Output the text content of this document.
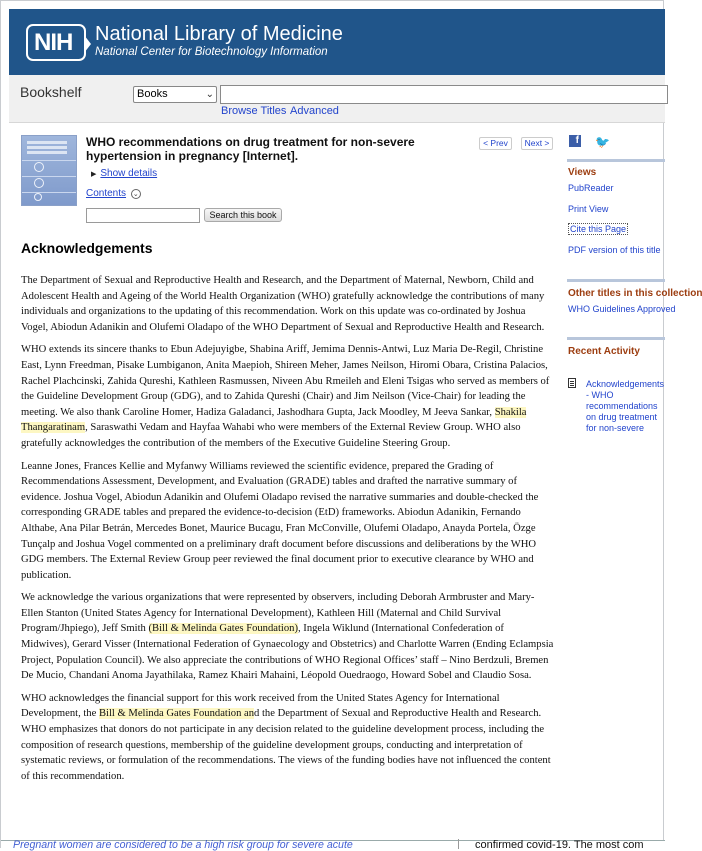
NIH	National Library of Medicine
National Center for Biotechnology Information
Bookshelf	Books	⌄
Browse Titles Advanced
WHO recommendations on drug treatment for non-severe hypertension in pregnancy [Internet].
< Prev	Next >
▶ Show details
Contents ⌄
Search this book
Acknowledgements

The Department of Sexual and Reproductive Health and Research, and the Department of Maternal, Newborn, Child and Adolescent Health and Ageing of the World Health Organization (WHO) gratefully acknowledge the contributions of many individuals and organizations to the updating of this recommendation. Work on this update was co-ordinated by Joshua Vogel, Abiodun Adanikin and Olufemi Oladapo of the WHO Department of Sexual and Reproductive Health and Research.

WHO extends its sincere thanks to Ebun Adejuyigbe, Shabina Ariff, Jemima Dennis-Antwi, Luz Maria De-Regil, Christine East, Lynn Freedman, Pisake Lumbiganon, Anita Maepioh, Shireen Meher, James Neilson, Hiromi Obara, Cristina Palacios, Rachel Plachcinski, Zahida Qureshi, Kathleen Rasmussen, Niveen Abu Rmeileh and Eleni Tsigas who served as members of the Guideline Development Group (GDG), and to Zahida Qureshi (Chair) and Jim Neilson (Vice-Chair) for leading the meeting. We also thank Caroline Homer, Hadiza Galadanci, Jashodhara Gupta, Jack Moodley, M Jeeva Sankar, Shakila Thangaratinam, Saraswathi Vedam and Hayfaa Wahabi who were members of the External Review Group. WHO also gratefully acknowledges the contribution of the members of the Executive Guideline Steering Group.

Leanne Jones, Frances Kellie and Myfanwy Williams reviewed the scientific evidence, prepared the Grading of Recommendations Assessment, Development, and Evaluation (GRADE) tables and drafted the narrative summary of evidence. Joshua Vogel, Abiodun Adanikin and Olufemi Oladapo revised the narrative summaries and double-checked the corresponding GRADE tables and prepared the evidence-to-decision (EtD) frameworks. Abiodun Adanikin, Fernando Althabe, Ana Pilar Betrán, Mercedes Bonet, Maurice Bucagu, Fran McConville, Olufemi Oladapo, Anayda Portela, Özge Tunçalp and Joshua Vogel commented on a preliminary draft document before discussions and deliberations by the WHO GDG members. The External Review Group peer reviewed the final document prior to executive clearance by WHO and publication.

We acknowledge the various organizations that were represented by observers, including Deborah Armbruster and Mary-Ellen Stanton (United States Agency for International Development), Kathleen Hill (Maternal and Child Survival Program/Jhpiego), Jeff Smith (Bill & Melinda Gates Foundation), Ingela Wiklund (International Confederation of Midwives), Gerard Visser (International Federation of Gynaecology and Obstetrics) and Charlotte Warren (Ending Eclampsia Project, Population Council). We also appreciate the contributions of WHO Regional Offices’ staff – Nino Berdzuli, Bremen De Mucio, Chandani Anoma Jayathilaka, Ramez Khairi Mahaini, Léopold Ouedraogo, Howard Sobel and Claudio Sosa.

WHO acknowledges the financial support for this work received from the United States Agency for International Development, the Bill & Melinda Gates Foundation and the Department of Sexual and Reproductive Health and Research. WHO emphasizes that donors do not participate in any decision related to the guideline development process, including the composition of research questions, membership of the guideline development groups, conducting and interpretation of systematic reviews, or formulation of the recommendations. The views of the funding bodies have not influenced the content of this recommendation.

f 🐦
Views
PubReader
Print View
Cite this Page
PDF version of this title
Other titles in this collection
WHO Guidelines Approved
Recent Activity
Acknowledgements - WHO recommendations on drug treatment for non-severe
Pregnant women are considered to be a high risk group for severe acute	confirmed covid-19. The most com
